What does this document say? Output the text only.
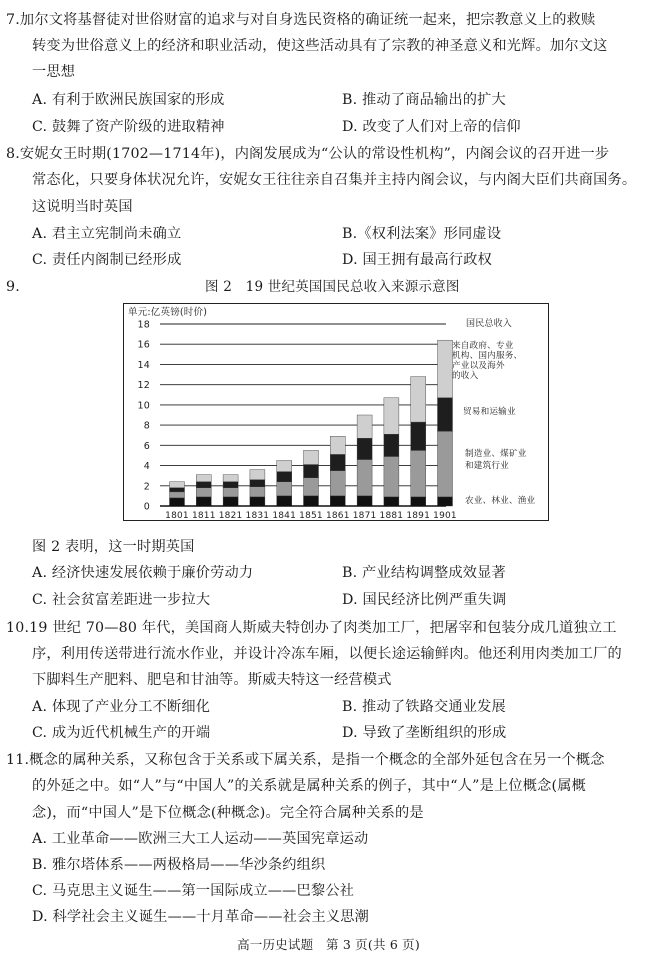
7.加尔文将基督徒对世俗财富的追求与对自身选民资格的确证统一起来，把宗教意义上的救赎
转变为世俗意义上的经济和职业活动，使这些活动具有了宗教的神圣意义和光辉。加尔文这
一思想
A. 有利于欧洲民族国家的形成	B. 推动了商品输出的扩大
C. 鼓舞了资产阶级的进取精神	D. 改变了人们对上帝的信仰
8.安妮女王时期(1702—1714年)，内阁发展成为“公认的常设性机构”，内阁会议的召开进一步
常态化，只要身体状况允许，安妮女王往往亲自召集并主持内阁会议，与内阁大臣们共商国务。
这说明当时英国
A. 君主立宪制尚未确立	B.《权利法案》形同虚设
C. 责任内阁制已经形成	D. 国王拥有最高行政权
9.	图 2　19 世纪英国国民总收入来源示意图
0
2
4
6
8
10
12
14
16
18
1801 1811 1821 1831 1841 1851 1861 1871 1881 1891 1901
单元:亿英镑(时价)
国民总收入
来自政府、专业
机构、国内服务、
产业以及海外
的收入
贸易和运输业
制造业、煤矿业
和建筑行业
农业、林业、渔业
图 2 表明，这一时期英国
A. 经济快速发展依赖于廉价劳动力	B. 产业结构调整成效显著
C. 社会贫富差距进一步拉大	D. 国民经济比例严重失调
10.19 世纪 70—80 年代，美国商人斯威夫特创办了肉类加工厂，把屠宰和包装分成几道独立工
序，利用传送带进行流水作业，并设计冷冻车厢，以便长途运输鲜肉。他还利用肉类加工厂的
下脚料生产肥料、肥皂和甘油等。斯威夫特这一经营模式
A. 体现了产业分工不断细化	B. 推动了铁路交通业发展
C. 成为近代机械生产的开端	D. 导致了垄断组织的形成
11.概念的属种关系，又称包含于关系或下属关系，是指一个概念的全部外延包含在另一个概念
的外延之中。如“人”与“中国人”的关系就是属种关系的例子，其中“人”是上位概念(属概
念)，而“中国人”是下位概念(种概念)。完全符合属种关系的是
A. 工业革命——欧洲三大工人运动——英国宪章运动
B. 雅尔塔体系——两极格局——华沙条约组织
C. 马克思主义诞生——第一国际成立——巴黎公社
D. 科学社会主义诞生——十月革命——社会主义思潮
高一历史试题　第 3 页(共 6 页)
